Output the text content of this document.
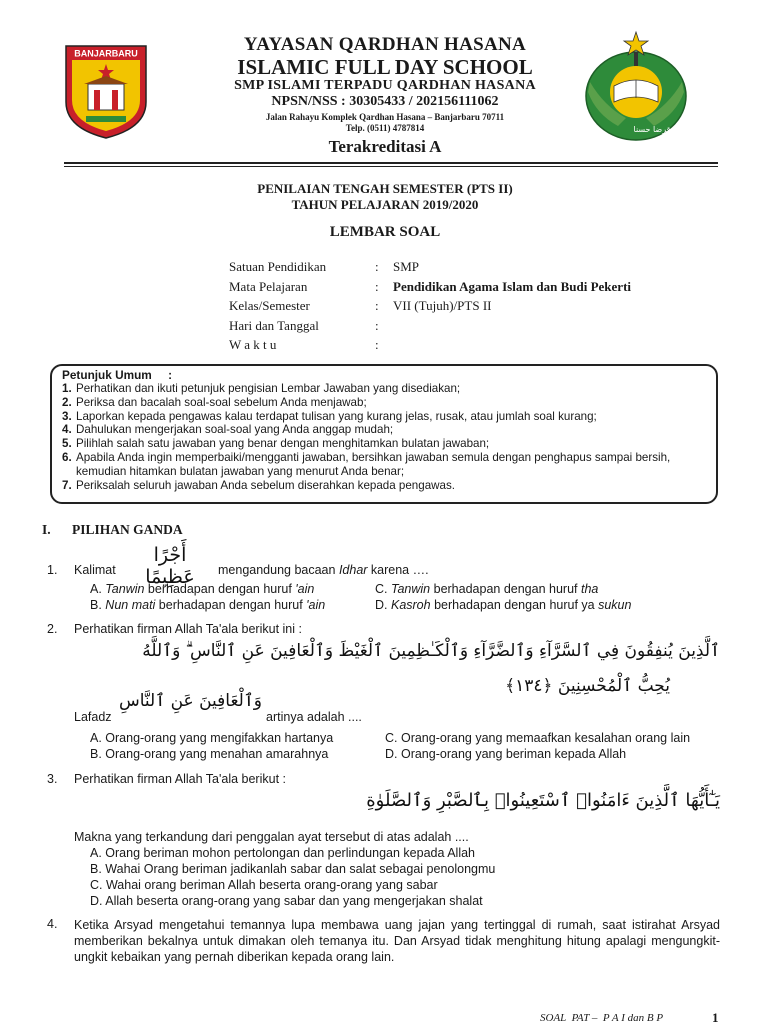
BANJARBARU
قرضا حسنا
YAYASAN QARDHAN HASANA
ISLAMIC FULL DAY SCHOOL
SMP ISLAMI TERPADU QARDHAN HASANA
NPSN/NSS : 30305433 / 202156111062
Jalan Rahayu Komplek Qardhan Hasana – Banjarbaru 70711
Telp. (0511) 4787814
Terakreditasi A
PENILAIAN TENGAH SEMESTER (PTS II)
TAHUN PELAJARAN 2019/2020
LEMBAR SOAL
Satuan Pendidikan	:	SMP
Mata Pelajaran	:	Pendidikan Agama Islam dan Budi Pekerti
Kelas/Semester	:	VII (Tujuh)/PTS II
Hari dan Tanggal	:
W a k t u	:
Petunjuk Umum     :
1. Perhatikan dan ikuti petunjuk pengisian Lembar Jawaban yang disediakan;
2. Periksa dan bacalah soal-soal sebelum Anda menjawab;
3. Laporkan kepada pengawas kalau terdapat tulisan yang kurang jelas, rusak, atau jumlah soal kurang;
4. Dahulukan mengerjakan soal-soal yang Anda anggap mudah;
5. Pilihlah salah satu jawaban yang benar dengan menghitamkan bulatan jawaban;
6. Apabila Anda ingin memperbaiki/mengganti jawaban, bersihkan jawaban semula dengan penghapus sampai bersih, kemudian hitamkan bulatan jawaban yang menurut Anda benar;
7. Periksalah seluruh jawaban Anda sebelum diserahkan kepada pengawas.
I. PILIHAN GANDA
1. Kalimat
أَجْرًا عَظِيمًا	mengandung bacaan Idhar karena ….
A. Tanwin berhadapan dengan huruf 'ain
B. Nun mati berhadapan dengan huruf 'ain
C. Tanwin berhadapan dengan huruf tha
D. Kasroh berhadapan dengan huruf ya sukun
2. Perhatikan firman Allah Ta'ala berikut ini :
ٱلَّذِينَ يُنفِقُونَ فِي ٱلسَّرَّآءِ وَٱلضَّرَّآءِ وَٱلْكَـٰظِمِينَ ٱلْغَيْظَ وَٱلْعَافِينَ عَنِ ٱلنَّاسِ ۗ وَٱللَّهُ
يُحِبُّ ٱلْمُحْسِنِينَ ﴿١٣٤﴾
Lafadz
وَٱلْعَافِينَ عَنِ ٱلنَّاسِ
artinya adalah ....
A. Orang-orang yang mengifakkan hartanya
B. Orang-orang yang menahan amarahnya
C. Orang-orang yang memaafkan kesalahan orang lain
D. Orang-orang yang beriman kepada Allah
3. Perhatikan firman Allah Ta'ala berikut :
يَـٰٓأَيُّهَا ٱلَّذِينَ ءَامَنُوا۟ ٱسْتَعِينُوا۟ بِٱلصَّبْرِ وَٱلصَّلَوٰةِ
Makna yang terkandung dari penggalan ayat tersebut di atas adalah ....
A. Orang beriman mohon pertolongan dan perlindungan kepada Allah
B. Wahai Orang beriman jadikanlah sabar dan salat sebagai penolongmu
C. Wahai orang beriman Allah beserta orang-orang yang sabar
D. Allah beserta orang-orang yang sabar dan yang mengerjakan shalat
4. Ketika Arsyad mengetahui temannya lupa membawa uang jajan yang tertinggal di rumah, saat istirahat Arsyad memberikan bekalnya untuk dimakan oleh temanya itu. Dan Arsyad tidak menghitung hitung apalagi mengungkit-ungkit kebaikan yang pernah diberikan kepada orang lain.
SOAL  PAT –  P A I dan B P	1
